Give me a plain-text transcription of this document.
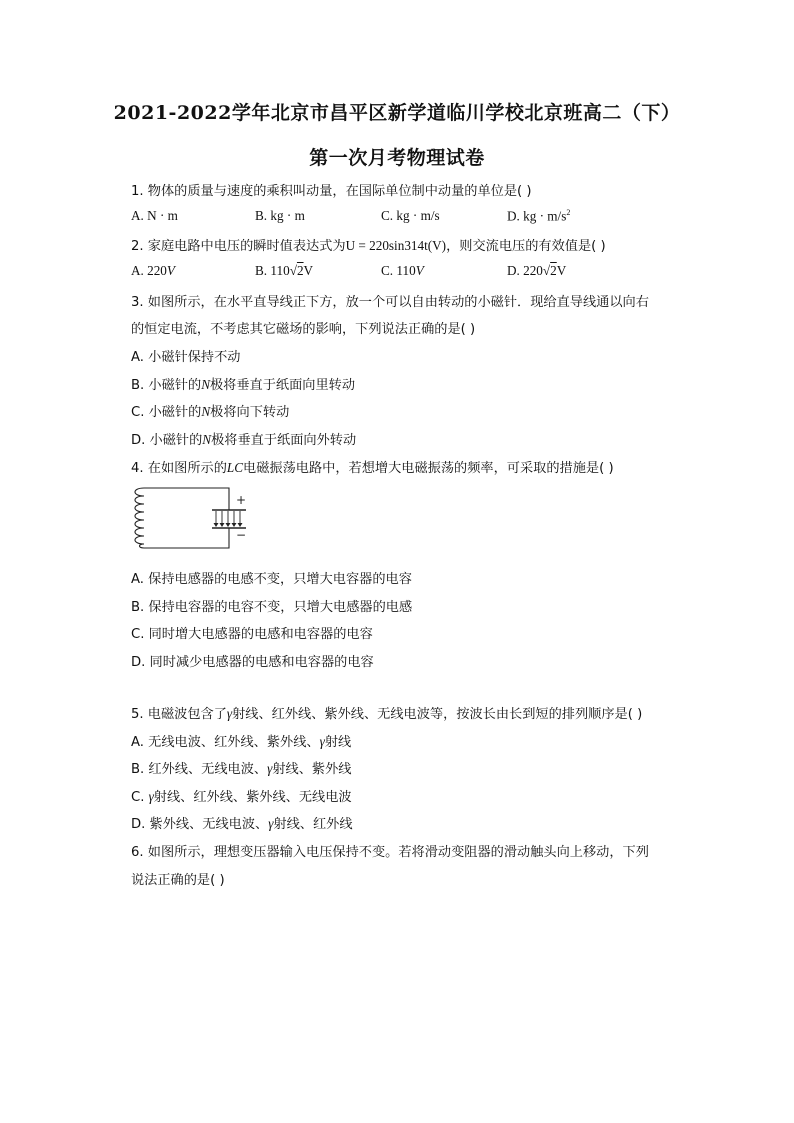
2021-2022学年北京市昌平区新学道临川学校北京班高二（下）
第一次月考物理试卷
1. 物体的质量与速度的乘积叫动量，在国际单位制中动量的单位是( )
A. N · m	B. kg · m	C. kg · m/s	D. kg · $m/s^2$
2. 家庭电路中电压的瞬时值表达式为U = 220sin314t(V)，则交流电压的有效值是( )
A. 220V	B. 110√2V	C. 110V	D. 220√2V
3. 如图所示，在水平直导线正下方，放一个可以自由转动的小磁针．现给直导线通以向右
的恒定电流，不考虑其它磁场的影响，下列说法正确的是( )
A. 小磁针保持不动
B. 小磁针的N极将垂直于纸面向里转动
C. 小磁针的N极将向下转动
D. 小磁针的N极将垂直于纸面向外转动
4. 在如图所示的LC电磁振荡电路中，若想增大电磁振荡的频率，可采取的措施是( )
+
−
A. 保持电感器的电感不变，只增大电容器的电容
B. 保持电容器的电容不变，只增大电感器的电感
C. 同时增大电感器的电感和电容器的电容
D. 同时减少电感器的电感和电容器的电容
5. 电磁波包含了γ射线、红外线、紫外线、无线电波等，按波长由长到短的排列顺序是( )
A. 无线电波、红外线、紫外线、γ射线
B. 红外线、无线电波、γ射线、紫外线
C. γ射线、红外线、紫外线、无线电波
D. 紫外线、无线电波、γ射线、红外线
6. 如图所示，理想变压器输入电压保持不变。若将滑动变阻器的滑动触头向上移动，下列
说法正确的是( )
